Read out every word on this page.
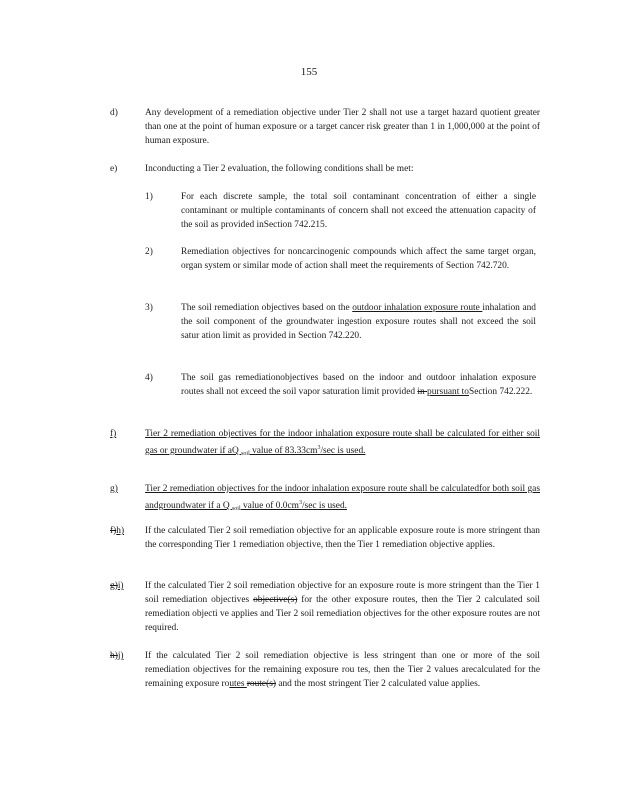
155
d)	Any development of a remediation objective under Tier 2 shall not use a target hazard quotient greater than one at the point of human exposure or a target cancer risk greater than 1 in 1,000,000 at the point of human exposure.
e)	Inconducting a Tier 2 evaluation, the following conditions shall be met:
1)	For each discrete sample, the total soil contaminant concentration of either a single contaminant or multiple contaminants of concern shall not exceed the attenuation capacity of the soil as provided inSection 742.215.
2)	Remediation objectives for noncarcinogenic compounds which affect the same target organ, organ system or similar mode of action shall meet the requirements of Section 742.720.
3)	The soil remediation objectives based on the outdoor inhalation exposure route inhalation and the soil component of the groundwater ingestion exposure routes shall not exceed the soil satur ation limit as provided in Section 742.220.
4)	The soil gas remediationobjectives based on the indoor and outdoor inhalation exposure routes shall not exceed the soil vapor saturation limit provided in pursuant toSection 742.222.
f)	Tier 2 remediation objectives for the indoor inhalation exposure route shall be calculated for either soil gas or groundwater if aQ $_{soil}$ value of $83.33cm^3/\sec$ is used.
g)	Tier 2 remediation objectives for the indoor inhalation exposure route shall be calculatedfor both soil gas andgroundwater if a Q $_{soil}$ value of $0.0cm^3/\sec$ is used.
f)h) If the calculated Tier 2 soil remediation objective for an applicable exposure route is more stringent than the corresponding Tier 1 remediation objective, then the Tier 1 remediation objective applies.
g)i) If the calculated Tier 2 soil remediation objective for an exposure route is more stringent than the Tier 1 soil remediation objectives objective(s) for the other exposure routes, then the Tier 2 calculated soil remediation objecti ve applies and Tier 2 soil remediation objectives for the other exposure routes are not required.
h)j) If the calculated Tier 2 soil remediation objective is less stringent than one or more of the soil remediation objectives for the remaining exposure rou tes, then the Tier 2 values arecalculated for the remaining exposure routes route(s) and the most stringent Tier 2 calculated value applies.
